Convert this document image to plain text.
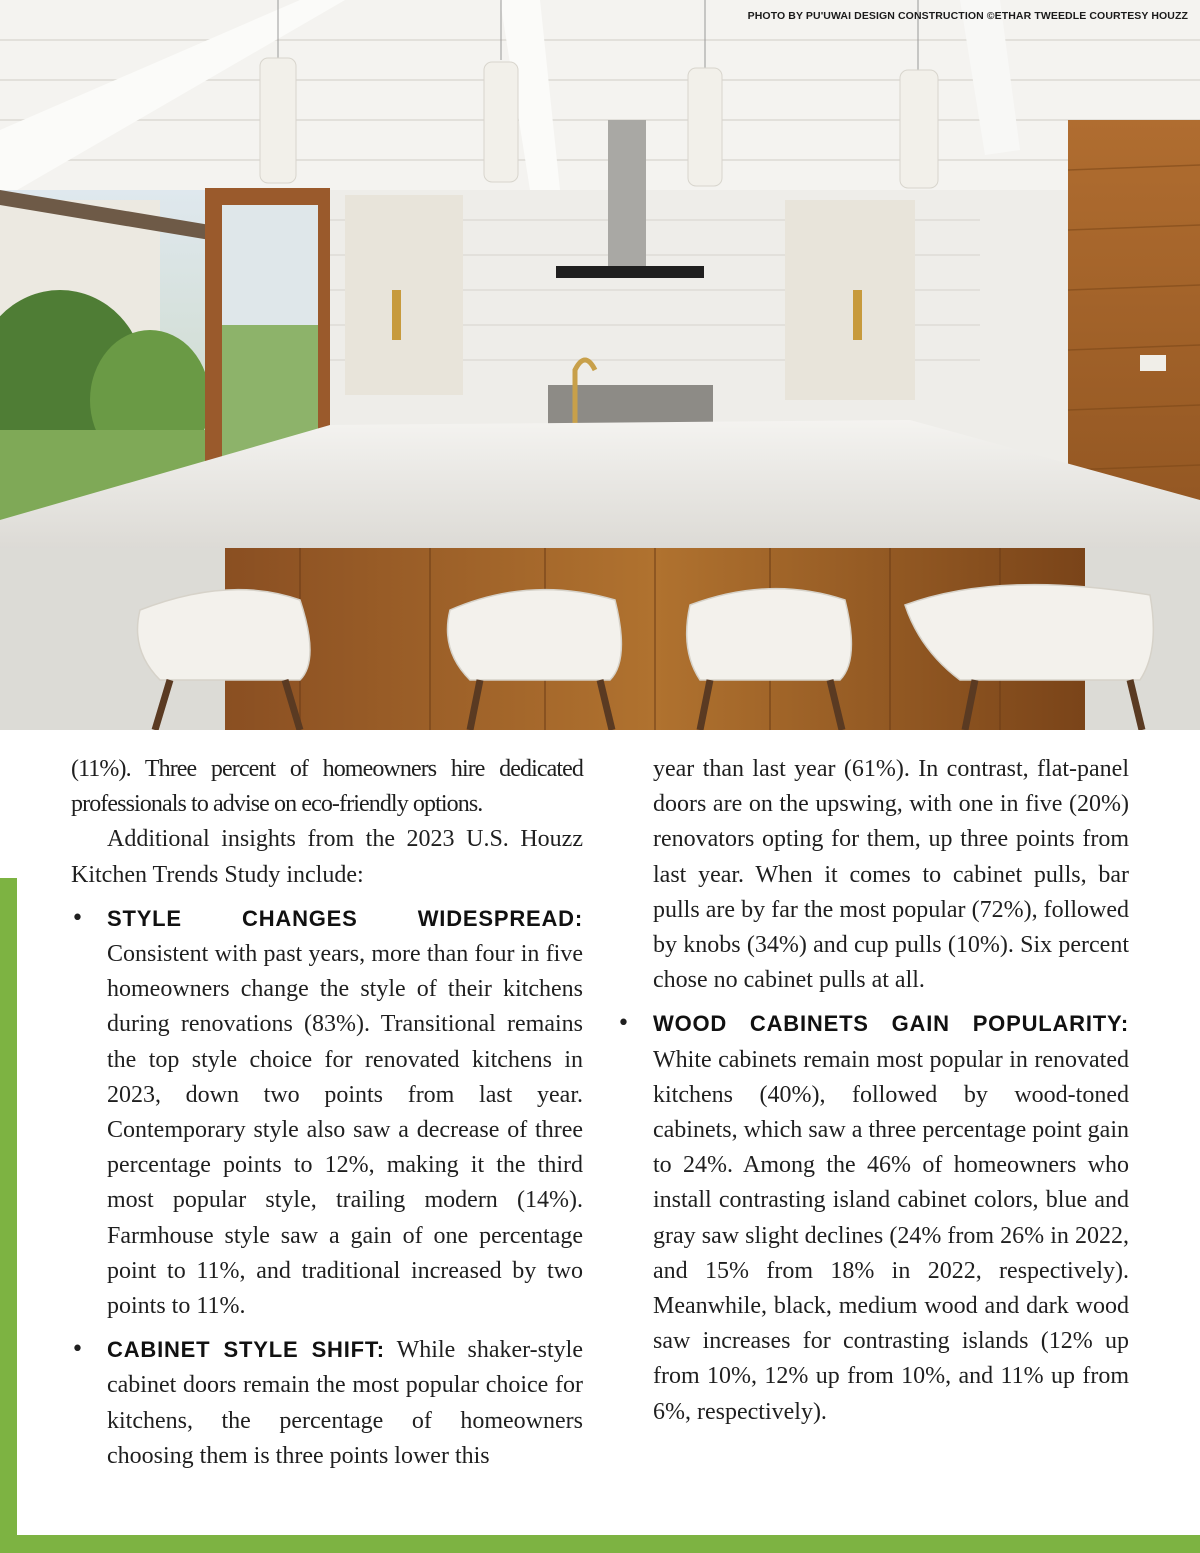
PHOTO BY PU'UWAI DESIGN CONSTRUCTION ©ETHAR TWEEDLE COURTESY HOUZZ

(11%). Three percent of homeowners hire dedicated professionals to advise on eco-friendly options.

Additional insights from the 2023 U.S. Houzz Kitchen Trends Study include:

• STYLE CHANGES WIDESPREAD: Consistent with past years, more than four in five homeowners change the style of their kitchens during renovations (83%). Transitional remains the top style choice for renovated kitchens in 2023, down two points from last year. Contemporary style also saw a decrease of three percentage points to 12%, making it the third most popular style, trailing modern (14%). Farmhouse style saw a gain of one percentage point to 11%, and traditional increased by two points to 11%.
• CABINET STYLE SHIFT: While shaker-style cabinet doors remain the most popular choice for kitchens, the percentage of homeowners choosing them is three points lower this
year than last year (61%). In contrast, flat-panel doors are on the upswing, with one in five (20%) renovators opting for them, up three points from last year. When it comes to cabinet pulls, bar pulls are by far the most popular (72%), followed by knobs (34%) and cup pulls (10%). Six percent chose no cabinet pulls at all.
• WOOD CABINETS GAIN POPULARITY: White cabinets remain most popular in renovated kitchens (40%), followed by wood-toned cabinets, which saw a three percentage point gain to 24%. Among the 46% of homeowners who install contrasting island cabinet colors, blue and gray saw slight declines (24% from 26% in 2022, and 15% from 18% in 2022, respectively). Meanwhile, black, medium wood and dark wood saw increases for contrasting islands (12% up from 10%, 12% up from 10%, and 11% up from 6%, respectively).
